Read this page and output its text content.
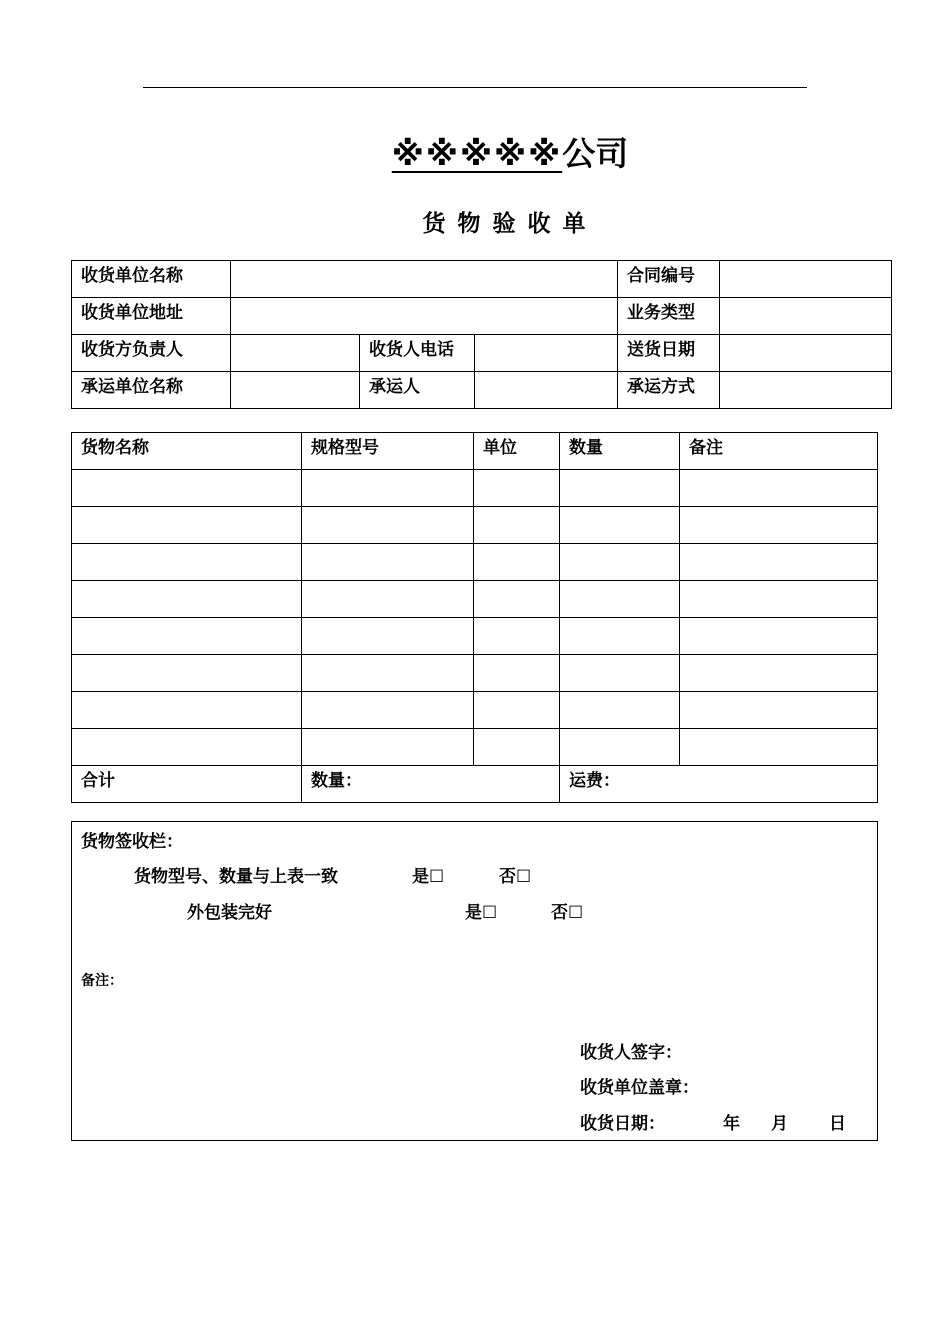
※※※※※公司
货物验收单
收货单位名称				合同编号	
收货单位地址				业务类型	
收货方负责人		收货人电话		送货日期	
承运单位名称		承运人		承运方式	
货物名称	规格型号	单位	数量	备注

合计	数量：		运费：	
货物签收栏：
货物型号、数量与上表一致	是☐	否☐
外包装完好	是☐	否☐
备注：
收货人签字：
收货单位盖章：
收货日期：	年 月 日
